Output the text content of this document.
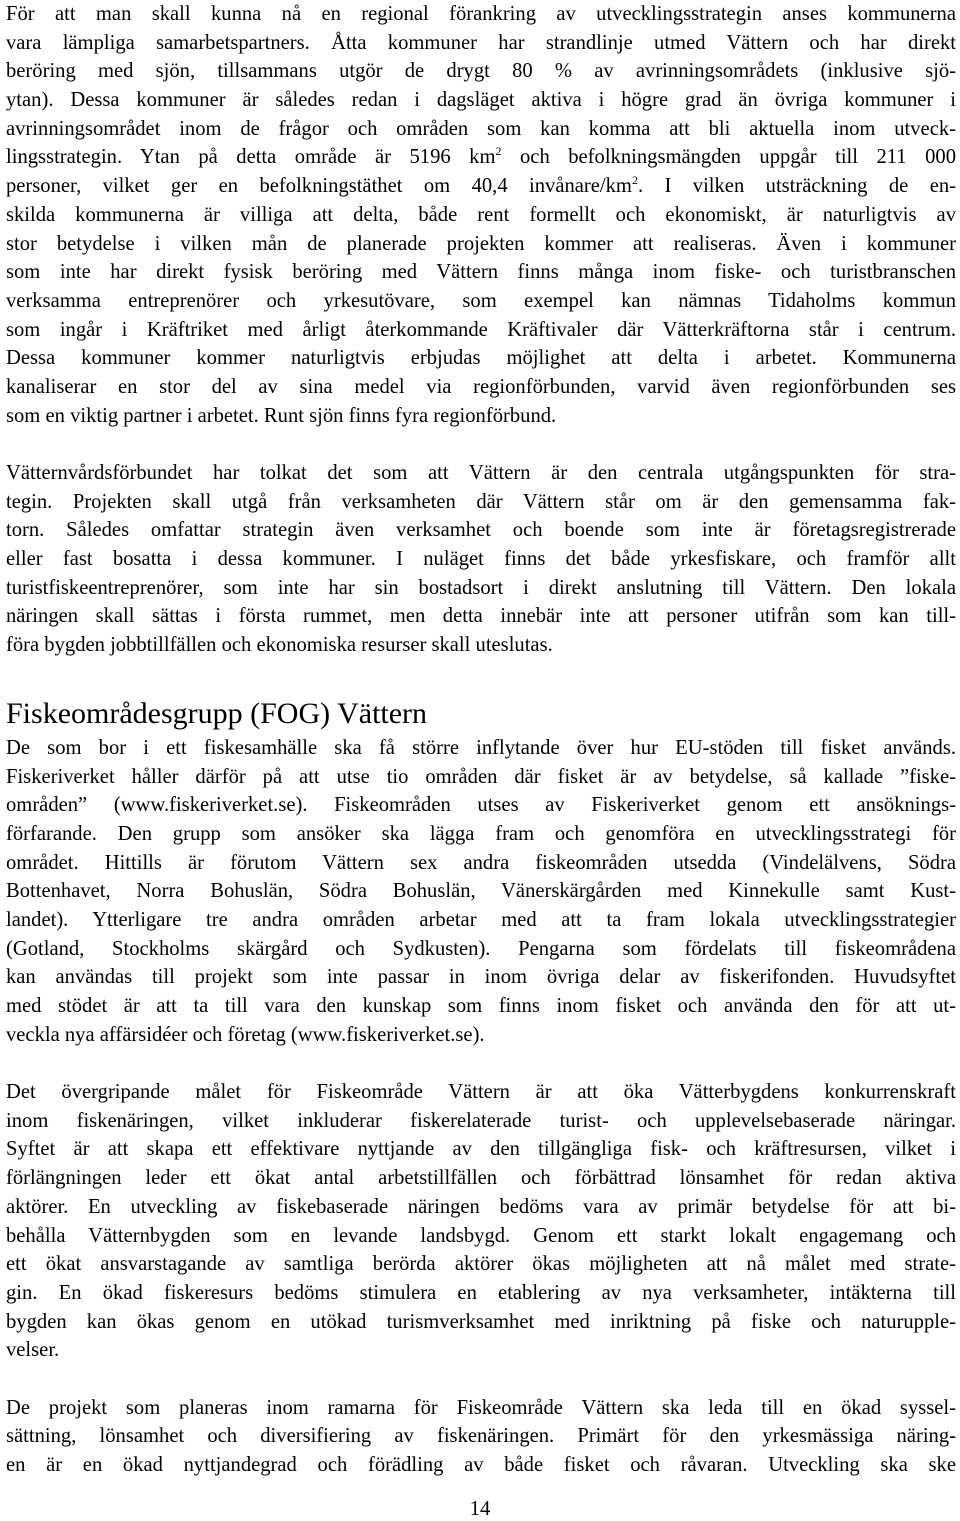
För att man skall kunna nå en regional förankring av utvecklingsstrategin anses kommunerna
vara lämpliga samarbetspartners. Åtta kommuner har strandlinje utmed Vättern och har direkt
beröring med sjön, tillsammans utgör de drygt 80 % av avrinningsområdets (inklusive sjö-
ytan). Dessa kommuner är således redan i dagsläget aktiva i högre grad än övriga kommuner i
avrinningsområdet inom de frågor och områden som kan komma att bli aktuella inom utveck-
lingsstrategin. Ytan på detta område är 5196 $km^2$ och befolkningsmängden uppgår till 211 000
personer, vilket ger en befolkningstäthet om 40,4 invånare/$km^2$. I vilken utsträckning de en-
skilda kommunerna är villiga att delta, både rent formellt och ekonomiskt, är naturligtvis av
stor betydelse i vilken mån de planerade projekten kommer att realiseras. Även i kommuner
som inte har direkt fysisk beröring med Vättern finns många inom fiske- och turistbranschen
verksamma entreprenörer och yrkesutövare, som exempel kan nämnas Tidaholms kommun
som ingår i Kräftriket med årligt återkommande Kräftivaler där Vätterkräftorna står i centrum.
Dessa kommuner kommer naturligtvis erbjudas möjlighet att delta i arbetet. Kommunerna
kanaliserar en stor del av sina medel via regionförbunden, varvid även regionförbunden ses
som en viktig partner i arbetet. Runt sjön finns fyra regionförbund.
Vätternvårdsförbundet har tolkat det som att Vättern är den centrala utgångspunkten för stra-
tegin. Projekten skall utgå från verksamheten där Vättern står om är den gemensamma fak-
torn. Således omfattar strategin även verksamhet och boende som inte är företagsregistrerade
eller fast bosatta i dessa kommuner. I nuläget finns det både yrkesfiskare, och framför allt
turistfiskeentreprenörer, som inte har sin bostadsort i direkt anslutning till Vättern. Den lokala
näringen skall sättas i första rummet, men detta innebär inte att personer utifrån som kan till-
föra bygden jobbtillfällen och ekonomiska resurser skall uteslutas.
Fiskeområdesgrupp (FOG) Vättern
De som bor i ett fiskesamhälle ska få större inflytande över hur EU-stöden till fisket används.
Fiskeriverket håller därför på att utse tio områden där fisket är av betydelse, så kallade ”fiske-
områden” (www.fiskeriverket.se). Fiskeområden utses av Fiskeriverket genom ett ansöknings-
förfarande. Den grupp som ansöker ska lägga fram och genomföra en utvecklingsstrategi för
området. Hittills är förutom Vättern sex andra fiskeområden utsedda (Vindelälvens, Södra
Bottenhavet, Norra Bohuslän, Södra Bohuslän, Vänerskärgården med Kinnekulle samt Kust-
landet). Ytterligare tre andra områden arbetar med att ta fram lokala utvecklingsstrategier
(Gotland, Stockholms skärgård och Sydkusten). Pengarna som fördelats till fiskeområdena
kan användas till projekt som inte passar in inom övriga delar av fiskerifonden. Huvudsyftet
med stödet är att ta till vara den kunskap som finns inom fisket och använda den för att ut-
veckla nya affärsidéer och företag (www.fiskeriverket.se).
Det övergripande målet för Fiskeområde Vättern är att öka Vätterbygdens konkurrenskraft
inom fiskenäringen, vilket inkluderar fiskerelaterade turist- och upplevelsebaserade näringar.
Syftet är att skapa ett effektivare nyttjande av den tillgängliga fisk- och kräftresursen, vilket i
förlängningen leder ett ökat antal arbetstillfällen och förbättrad lönsamhet för redan aktiva
aktörer. En utveckling av fiskebaserade näringen bedöms vara av primär betydelse för att bi-
behålla Vätternbygden som en levande landsbygd. Genom ett starkt lokalt engagemang och
ett ökat ansvarstagande av samtliga berörda aktörer ökas möjligheten att nå målet med strate-
gin. En ökad fiskeresurs bedöms stimulera en etablering av nya verksamheter, intäkterna till
bygden kan ökas genom en utökad turismverksamhet med inriktning på fiske och naturupple-
velser.
De projekt som planeras inom ramarna för Fiskeområde Vättern ska leda till en ökad syssel-
sättning, lönsamhet och diversifiering av fiskenäringen. Primärt för den yrkesmässiga näring-
en är en ökad nyttjandegrad och förädling av både fisket och råvaran. Utveckling ska ske
14
